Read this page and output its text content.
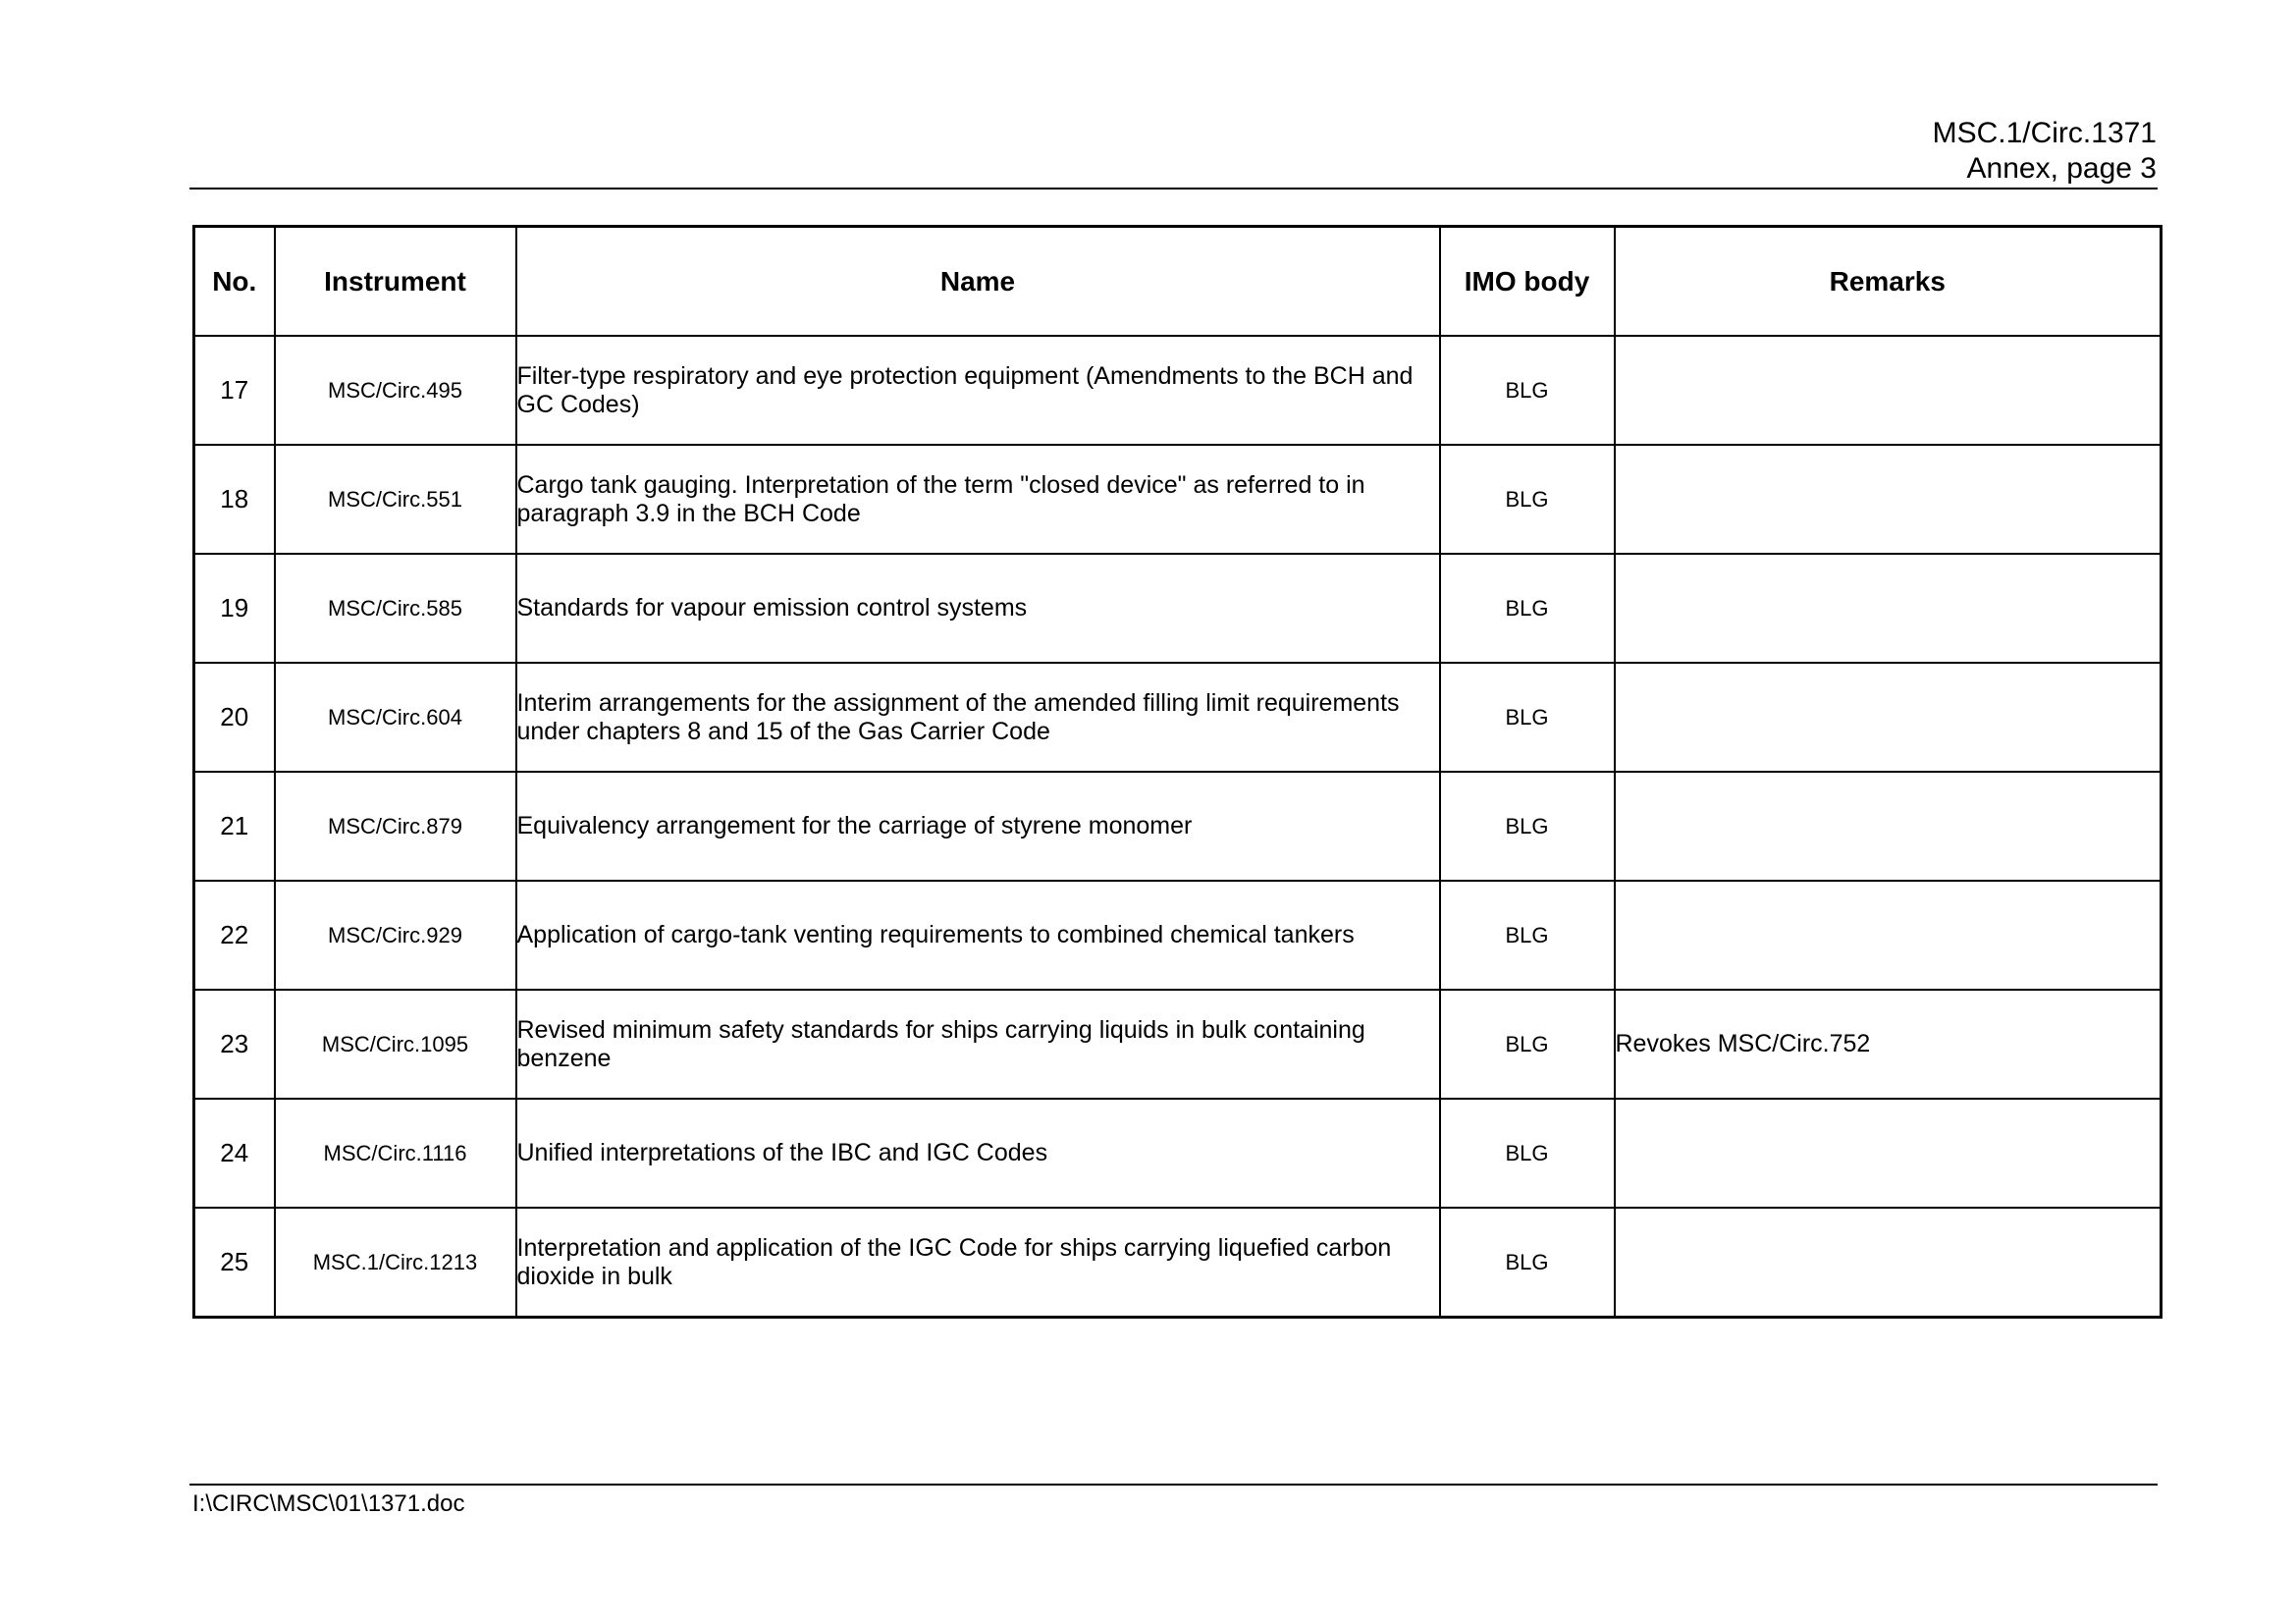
MSC.1/Circ.1371
Annex, page 3
No.	Instrument	Name	IMO body	Remarks
17	MSC/Circ.495	Filter-type respiratory and eye protection equipment (Amendments to the BCH and GC Codes)	BLG	
18	MSC/Circ.551	Cargo tank gauging. Interpretation of the term "closed device" as referred to in paragraph 3.9 in the BCH Code	BLG	
19	MSC/Circ.585	Standards for vapour emission control systems	BLG	
20	MSC/Circ.604	Interim arrangements for the assignment of the amended filling limit requirements under chapters 8 and 15 of the Gas Carrier Code	BLG	
21	MSC/Circ.879	Equivalency arrangement for the carriage of styrene monomer	BLG	
22	MSC/Circ.929	Application of cargo-tank venting requirements to combined chemical tankers	BLG	
23	MSC/Circ.1095	Revised minimum safety standards for ships carrying liquids in bulk containing benzene	BLG	Revokes MSC/Circ.752
24	MSC/Circ.1116	Unified interpretations of the IBC and IGC Codes	BLG	
25	MSC.1/Circ.1213	Interpretation and application of the IGC Code for ships carrying liquefied carbon dioxide in bulk	BLG	
I:\CIRC\MSC\01\1371.doc
